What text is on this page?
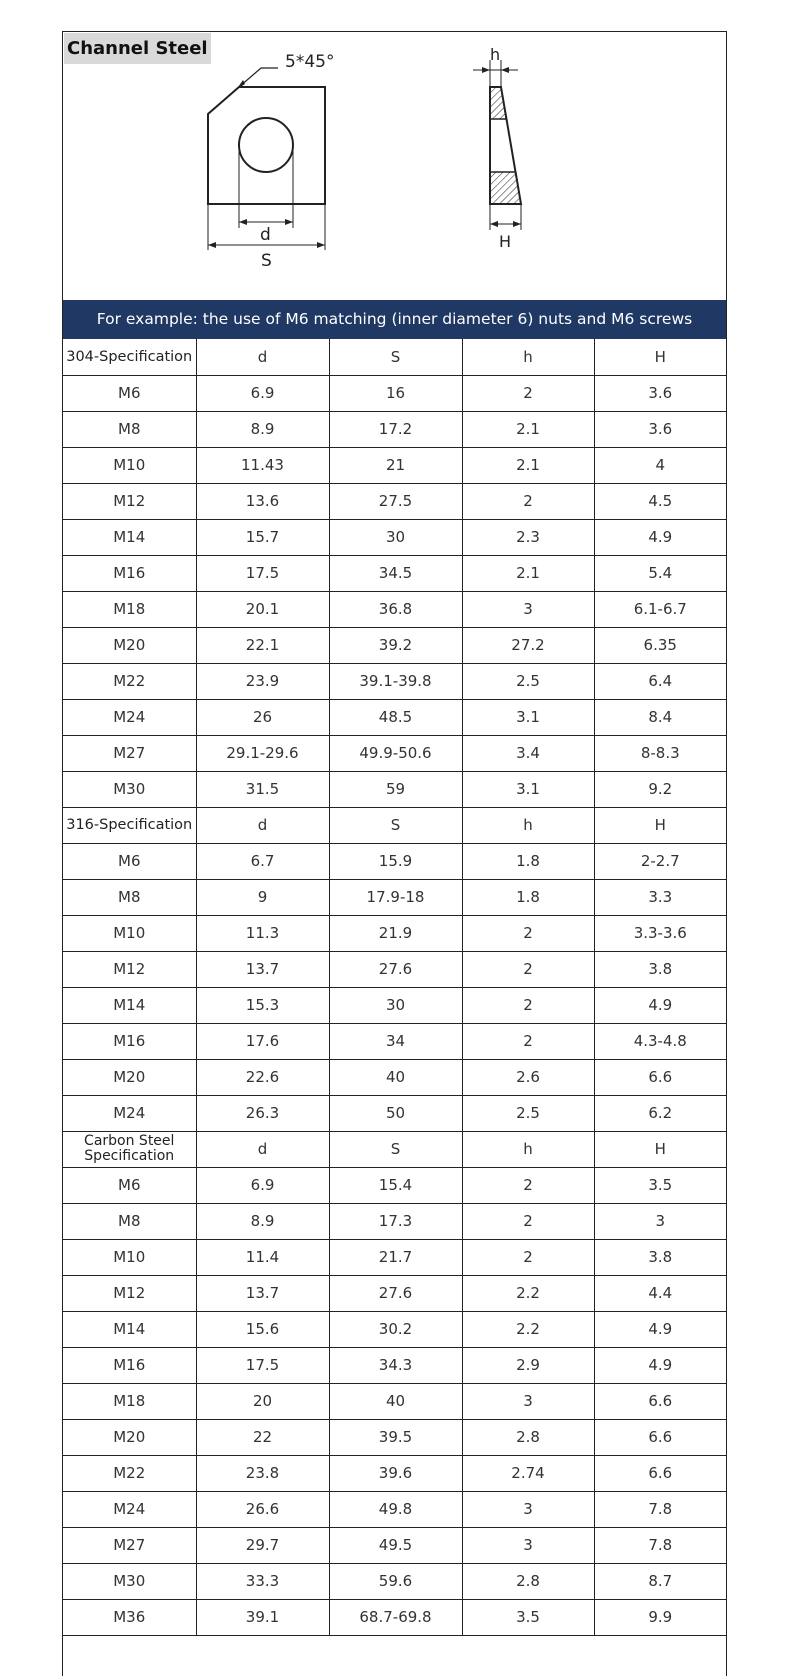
5*45°
d
S
h
H
Channel Steel
For example: the use of M6 matching (inner diameter 6) nuts and M6 screws
304-Specification	d	S	h	H
M6	6.9	16	2	3.6
M8	8.9	17.2	2.1	3.6
M10	11.43	21	2.1	4
M12	13.6	27.5	2	4.5
M14	15.7	30	2.3	4.9
M16	17.5	34.5	2.1	5.4
M18	20.1	36.8	3	6.1-6.7
M20	22.1	39.2	27.2	6.35
M22	23.9	39.1-39.8	2.5	6.4
M24	26	48.5	3.1	8.4
M27	29.1-29.6	49.9-50.6	3.4	8-8.3
M30	31.5	59	3.1	9.2
316-Specification	d	S	h	H
M6	6.7	15.9	1.8	2-2.7
M8	9	17.9-18	1.8	3.3
M10	11.3	21.9	2	3.3-3.6
M12	13.7	27.6	2	3.8
M14	15.3	30	2	4.9
M16	17.6	34	2	4.3-4.8
M20	22.6	40	2.6	6.6
M24	26.3	50	2.5	6.2
Carbon Steel Specification	d	S	h	H
M6	6.9	15.4	2	3.5
M8	8.9	17.3	2	3
M10	11.4	21.7	2	3.8
M12	13.7	27.6	2.2	4.4
M14	15.6	30.2	2.2	4.9
M16	17.5	34.3	2.9	4.9
M18	20	40	3	6.6
M20	22	39.5	2.8	6.6
M22	23.8	39.6	2.74	6.6
M24	26.6	49.8	3	7.8
M27	29.7	49.5	3	7.8
M30	33.3	59.6	2.8	8.7
M36	39.1	68.7-69.8	3.5	9.9
